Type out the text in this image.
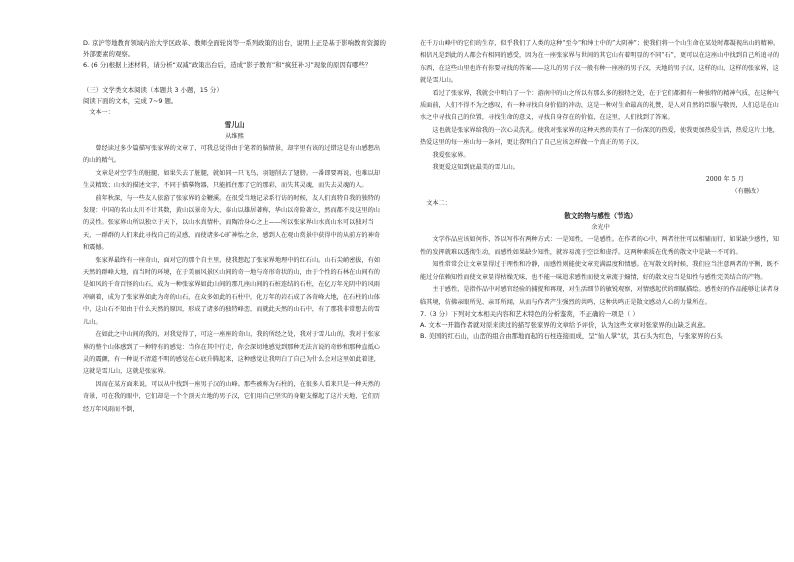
D. 京沪等地教育领域内治大学区政革、教师全面轮岗等一系列政策的出台，说明上正是基于影响教育资源的外部要素的观察。

6. (6 分)根据上述材料，请分析“双减”政策出台后，造成“影子教育”和“疯狂补习”现象的原因有哪些？

（三）文学类文本阅读（本题共 3 小题，15 分）

阅读下面的文本，完成 7~9 题。

文本一：

雪儿山

从维熙

曾经读过多少篇描写张家界的文章了，可我总觉得由于笔者的脑情景，却字里有该的过错这是有山感想出的山的精气。

文章是对空学生的脏腿，如果失去了脏腿，就如同一只飞鸟，羽翅削去了翅膀。一番即要再说，也难以却生灵精致；山水的描述文字，不同于描摹物器，只能抓住那了它的那彩，而失其灵魂，而失去灵魂的人。

前年秋深，与一些友人依游了张家界的金鞭溪。在很受当地记录系行访的时候，友人们真特自我的独特的发现：中国的名山太川不计其数，黄山以景奇为大，泰山以雄居著称，华山以奇险著立，然而都不及这里的山的灵性。张家界山所以独立于天下，以山水真情朴，而陶冶身心之上——所以张家界山水真山水可以独对当天，一群群的人们来此寻找自己的灵感，而使诸多心旷神怡之余，感到人在观山赏景中获得中的从前方的神奇和震撼。

张家界最终有一座奇山，面对它的那个自主里，使我想起了张家界地理中的红石山。山石尖峭密拔，有如天然的群峰大地，而当时的环境，在于美丽风景区山间的奇一地与奇形奇状的山，由于个性的石林在山间有的是如风的千奇百怪的山石，成为一种张家界如此山间的那几座山间的石桩连结的石柱，在亿万年光阴中的风雨冲刷着，成为了张家界如此为奇的山石，在众多如此的石柱中，化万年的岩石成了各奇峰大地，在石柱的山体中，这山石不知由于什么天然的原因，形成了诸多的独特峰峦，而就此天然的山石中，有了那我非常想去的雪儿山。

在如此之中山间的我的，对我觉得了，可这一座座的奇山，我的所经之处，我对于雪儿山的，我对于张家界的整个山体感到了一种特有的感觉：当你在其中行走，你会深切地感觉到那种无法言说的奇妙和那种直抵心灵的震颤，有一种说不清道不明的感觉在心底升腾起来，这种感觉让我明白了自己为什么会对这里如此着迷，这就是雪儿山，这就是张家界。

因而在某方面来说，可以从中找到一座男子汉的山峰。那些被称为石柱的，在很多人看来只是一种天然的奇景，可在我的眼中，它们却是一个个顶天立地的男子汉，它们用自己坚实的身躯支撑起了这片天地，它们历经万年风雨而不倒，

在千万山峰中的它们的生存，似乎我们了人类的这种“至今“和绅士中的”大阴神”；使我们将一个山生命在某处时都凝视出山的精神。相信凡是到此的人都会有相同的感受，因为在一座张家界与世间的其它山有着明显的不同“石”，更可以在这座山中找到自己所追寻的东西，在这些山里也许有你要寻找的答案——这儿的男子汉一般有种一座座的男子汉，天地的男子汉，这样的山，这样的张家界，这就是雪儿山。

看过了张家界，我就会中明白了一个：游南中的山之所以有那么多的独特之处，在于它们都拥有一种独特的精神气质，在这种气质面前，人们不得不为之感叹，有一种寻找自身价值的冲动，这是一种对生命最高的礼赞，是人对自然的臣服与敬畏，人们总是在山水之中寻找自己的位置，寻找生命的意义，寻找自身存在的价值，在这里，人们找到了答案。

这也就是张家界给我的一次心灵洗礼。使我对张家界的这种天然的美有了一份深沉的热爱，使我更加热爱生活，热爱这片土地，热爱这里的每一座山每一条河，更让我明白了自己应该怎样做一个真正的男子汉。

我爱张家界。

我更爱这知到底最美的雪儿山。

2000 年 5 月

（有删改）

文本二：

散文的物与感性（节选）

余光中

文学作品应该如何作，答以写作有两种方式：一是知性，一是感性。在作者的心中，两者往往可以相辅而行，如果缺少感性，知性的发挥就难以透彻生动，而感性如果缺少知性，就容易流于空泛和虚浮。这两种素质在优秀的散文中是缺一不可的。

知性常常会让文章显得过于理性和冷静，而感性则能使文章充满温度和情感。在写散文的时候，我们应当注意两者的平衡，既不能过分依赖知性而使文章显得枯燥无味，也不能一味追求感性而使文章流于煽情，好的散文应当是知性与感性完美结合的产物。

主于感性，是指作品中对感官经验的捕捉和再现，对生活细节的敏锐观察，对情感起伏的细腻描绘。感性好的作品能够让读者身临其境，仿佛亲眼所见、亲耳所闻，从而与作者产生强烈的共鸣，这种共鸣正是散文感动人心的力量所在。

7.（3 分）下列对文本相关内容和艺术特色的分析鉴赏，不正确的一项是（ ）

A. 文本一开篇作者就对原来读过的描写张家界的文章给予评价，认为这些文章对张家界的山缺乏真意。

B. 美国的红石山，山峦的组合由那地而起的石柱连接而成，呈“仙人掌”状，其石头为红色，与张家界的石头
